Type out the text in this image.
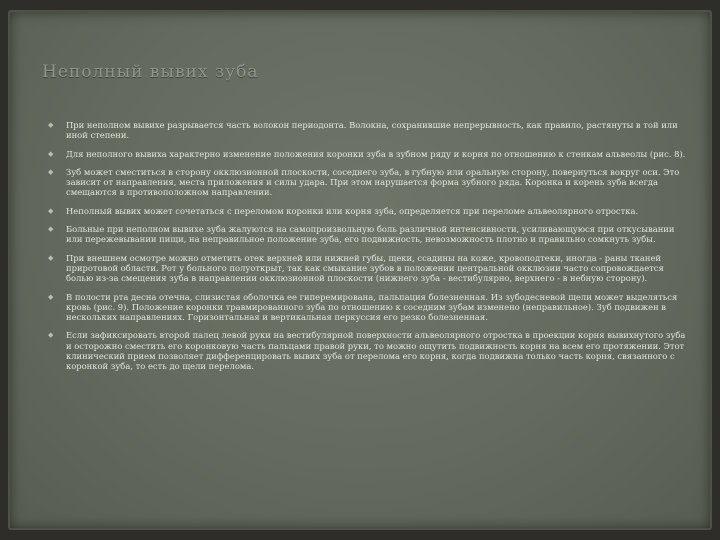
Неполный вывих зуба
◆	При неполном вывихе разрывается часть волокон периодонта. Волокна, сохранившие непрерывность, как правило, растянуты в той или иной степени.
◆	Для неполного вывиха характерно изменение положения коронки зуба в зубном ряду и корня по отношению к стенкам альвеолы (рис. 8).
◆	Зуб может сместиться в сторону окклюзионной плоскости, соседнего зуба, в губную или оральную сторону, повернуться вокруг оси. Это зависит от направления, места приложения и силы удара. При этом нарушается форма зубного ряда. Коронка и корень зуба всегда смещаются в противоположном направлении.
◆	Неполный вывих может сочетаться с переломом коронки или корня зуба, определяется при переломе альвеолярного отростка.
◆	Больные при неполном вывихе зуба жалуются на самопроизвольную боль различной интенсивности, усиливающуюся при откусывании или пережевывании пищи, на неправильное положение зуба, его подвижность, невозможность плотно и правильно сомкнуть зубы.
◆	При внешнем осмотре можно отметить отек верхней или нижней губы, щеки, ссадины на коже, кровоподтеки, иногда - раны тканей приротовой области. Рот у больного полуоткрыт, так как смыкание зубов в положении центральной окклюзии часто сопровождается болью из-за смещения зуба в направлении окклюзионной плоскости (нижнего зуба - вестибулярно, верхнего - в небную сторону).
◆	В полости рта десна отечна, слизистая оболочка ее гиперемирована, пальпация болезненная. Из зубодесневой щели может выделяться кровь (рис. 9). Положение коронки травмированного зуба по отношению к соседним зубам изменено (неправильное). Зуб подвижен в нескольких направлениях. Горизонтальная и вертикальная перкуссия его резко болезненная.
◆	Если зафиксировать второй палец левой руки на вестибулярной поверхности альвеолярного отростка в проекции корня вывихнутого зуба и осторожно сместить его коронковую часть пальцами правой руки, то можно ощутить подвижность корня на всем его протяжении. Этот клинический прием позволяет дифференцировать вывих зуба от перелома его корня, когда подвижна только часть корня, связанного с коронкой зуба, то есть до щели перелома.
